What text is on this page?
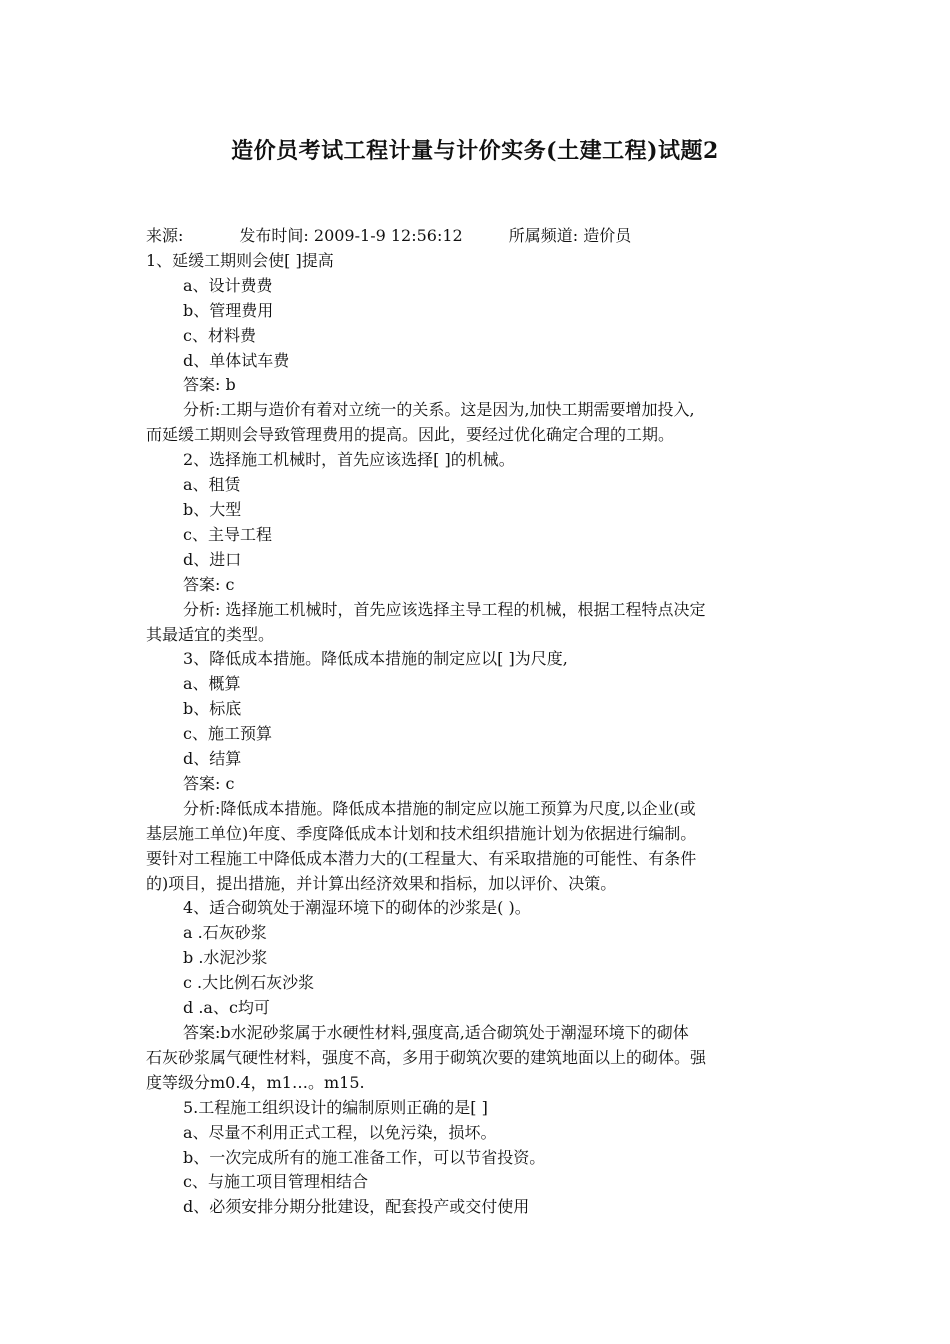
造价员考试工程计量与计价实务(土建工程)试题2
来源:	发布时间: 2009-1-9 12:56:12	所属频道: 造价员
1、延缓工期则会使[ ]提高
a、设计费费
b、管理费用
c、材料费
d、单体试车费
答案: b
分析:工期与造价有着对立统一的关系。这是因为,加快工期需要增加投入,
而延缓工期则会导致管理费用的提高。因此，要经过优化确定合理的工期。
2、选择施工机械时，首先应该选择[ ]的机械。
a、租赁
b、大型
c、主导工程
d、进口
答案: c
分析: 选择施工机械时，首先应该选择主导工程的机械，根据工程特点决定
其最适宜的类型。
3、降低成本措施。降低成本措施的制定应以[ ]为尺度,
a、概算
b、标底
c、施工预算
d、结算
答案: c
分析:降低成本措施。降低成本措施的制定应以施工预算为尺度,以企业(或
基层施工单位)年度、季度降低成本计划和技术组织措施计划为依据进行编制。
要针对工程施工中降低成本潜力大的(工程量大、有采取措施的可能性、有条件
的)项目，提出措施，并计算出经济效果和指标，加以评价、决策。
4、适合砌筑处于潮湿环境下的砌体的沙浆是( )。
a .石灰砂浆
b .水泥沙浆
c .大比例石灰沙浆
d .a、c均可
答案:b水泥砂浆属于水硬性材料,强度高,适合砌筑处于潮湿环境下的砌体
石灰砂浆属气硬性材料，强度不高，多用于砌筑次要的建筑地面以上的砌体。强
度等级分m0.4，m1…。m15.
5.工程施工组织设计的编制原则正确的是[ ]
a、尽量不利用正式工程，以免污染，损坏。
b、一次完成所有的施工准备工作，可以节省投资。
c、与施工项目管理相结合
d、必须安排分期分批建设，配套投产或交付使用
